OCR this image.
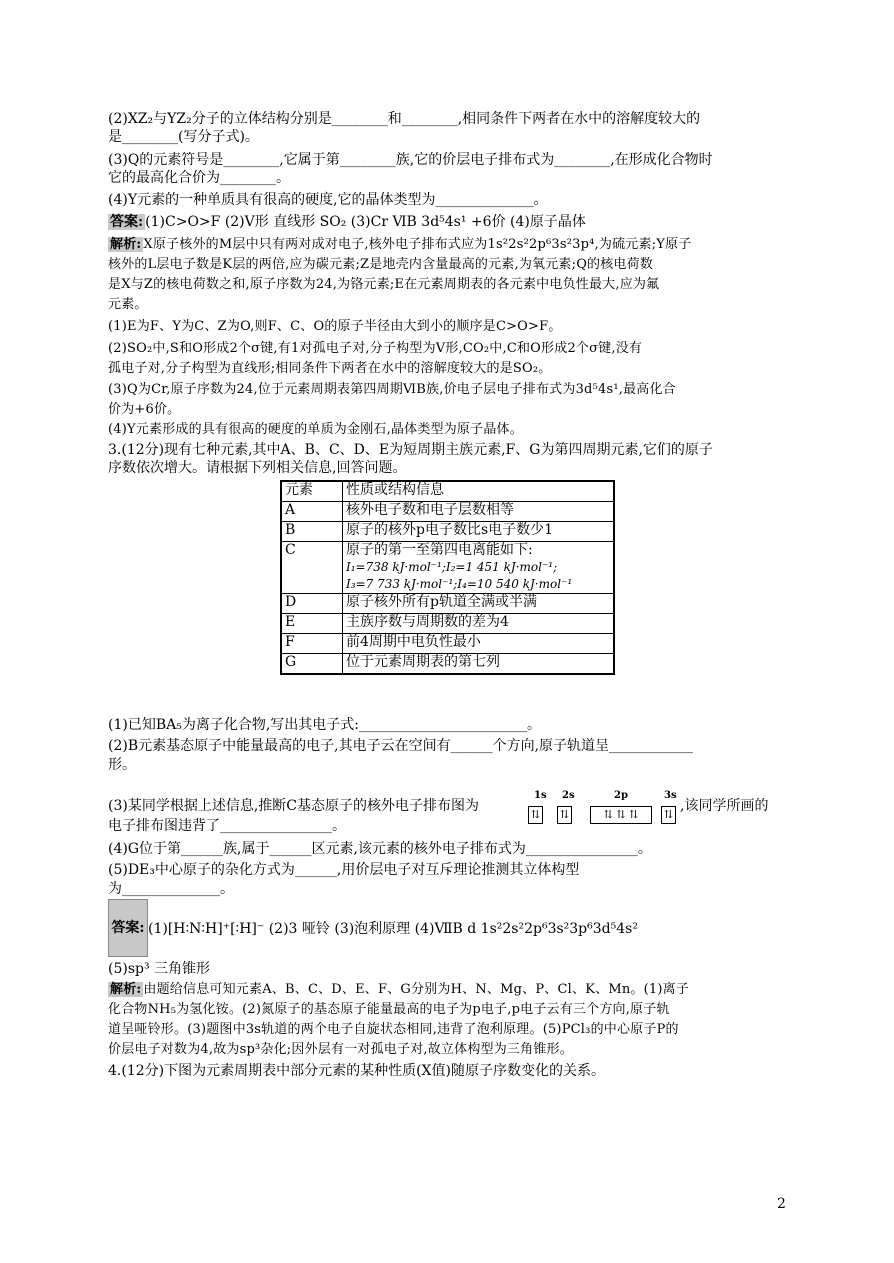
(2)XZ₂与YZ₂分子的立体结构分别是________和________,相同条件下两者在水中的溶解度较大的
是________(写分子式)。
(3)Q的元素符号是________,它属于第________族,它的价层电子排布式为________,在形成化合物时
它的最高化合价为________。
(4)Y元素的一种单质具有很高的硬度,它的晶体类型为______________。
答案: (1)C>O>F (2)V形 直线形 SO₂ (3)Cr ⅥB 3d⁵4s¹ +6价 (4)原子晶体
解析: X原子核外的M层中只有两对成对电子,核外电子排布式应为1s²2s²2p⁶3s²3p⁴,为硫元素;Y原子
核外的L层电子数是K层的两倍,应为碳元素;Z是地壳内含量最高的元素,为氧元素;Q的核电荷数
是X与Z的核电荷数之和,原子序数为24,为铬元素;E在元素周期表的各元素中电负性最大,应为氟
元素。
(1)E为F、Y为C、Z为O,则F、C、O的原子半径由大到小的顺序是C>O>F。
(2)SO₂中,S和O形成2个σ键,有1对孤电子对,分子构型为V形,CO₂中,C和O形成2个σ键,没有
孤电子对,分子构型为直线形;相同条件下两者在水中的溶解度较大的是SO₂。
(3)Q为Cr,原子序数为24,位于元素周期表第四周期ⅥB族,价电子层电子排布式为3d⁵4s¹,最高化合
价为+6价。
(4)Y元素形成的具有很高的硬度的单质为金刚石,晶体类型为原子晶体。
3.(12分)现有七种元素,其中A、B、C、D、E为短周期主族元素,F、G为第四周期元素,它们的原子
序数依次增大。请根据下列相关信息,回答问题。
元素	性质或结构信息
A	核外电子数和电子层数相等

B	原子的核外p电子数比s电子数少1

C	原子的第一至第四电离能如下:
I₁=738 kJ·mol⁻¹;I₂=1 451 kJ·mol⁻¹;
I₃=7 733 kJ·mol⁻¹;I₄=10 540 kJ·mol⁻¹

D	原子核外所有p轨道全满或半满

E	主族序数与周期数的差为4

F	前4周期中电负性最小

G	位于元素周期表的第七列
(1)已知BA₅为离子化合物,写出其电子式:________________________。
(2)B元素基态原子中能量最高的电子,其电子云在空间有______个方向,原子轨道呈____________
形。
(3)某同学根据上述信息,推断C基态原子的核外电子排布图为
1s 2s	2p	3s
⇅ ⇅	⇅ ⇅ ⇅	⇅
,该同学所画的
电子排布图违背了________________。
(4)G位于第______族,属于______区元素,该元素的核外电子排布式为________________。
(5)DE₃中心原子的杂化方式为______,用价层电子对互斥理论推测其立体构型
为______________。
答案: (1)[H∶N∶H]⁺[∶H]⁻ (2)3 哑铃 (3)泡利原理 (4)ⅦB d 1s²2s²2p⁶3s²3p⁶3d⁵4s²
(5)sp³ 三角锥形
解析: 由题给信息可知元素A、B、C、D、E、F、G分别为H、N、Mg、P、Cl、K、Mn。(1)离子
化合物NH₅为氢化铵。(2)氮原子的基态原子能量最高的电子为p电子,p电子云有三个方向,原子轨
道呈哑铃形。(3)题图中3s轨道的两个电子自旋状态相同,违背了泡利原理。(5)PCl₃的中心原子P的
价层电子对数为4,故为sp³杂化;因外层有一对孤电子对,故立体构型为三角锥形。
4.(12分)下图为元素周期表中部分元素的某种性质(X值)随原子序数变化的关系。
2
